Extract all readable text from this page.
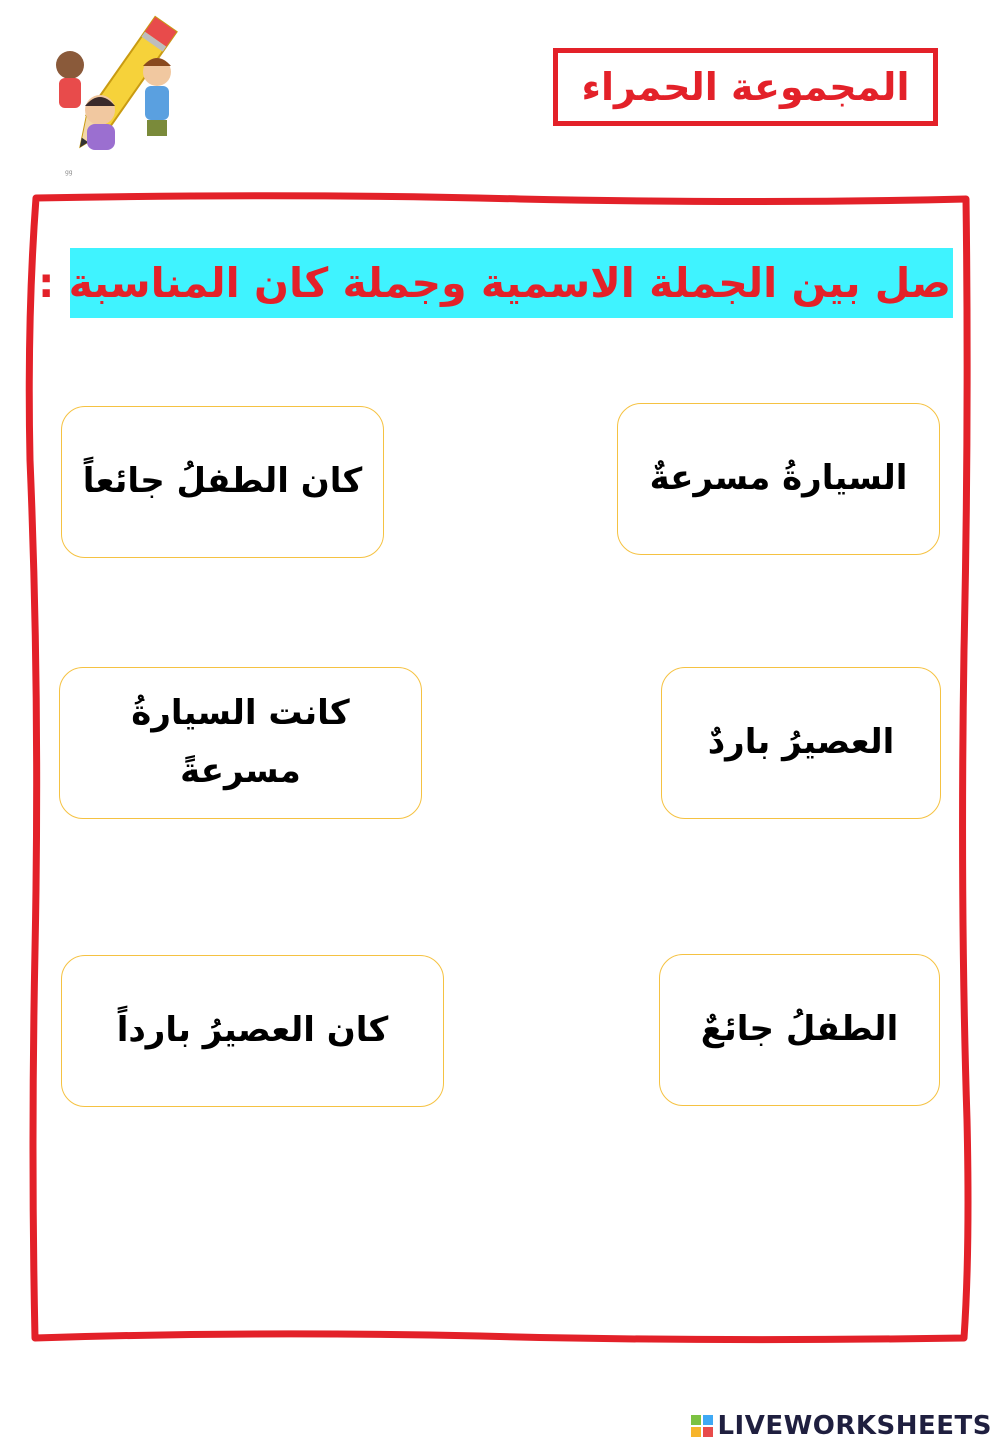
gg
المجموعة الحمراء
صل بين الجملة الاسمية وجملة كان المناسبة :
السيارةُ مسرعةٌ
العصيرُ باردٌ
الطفلُ جائعٌ
كان الطفلُ جائعاً
كانت السيارةُ مسرعةً
كان العصيرُ بارداً
LIVEWORKSHEETS
